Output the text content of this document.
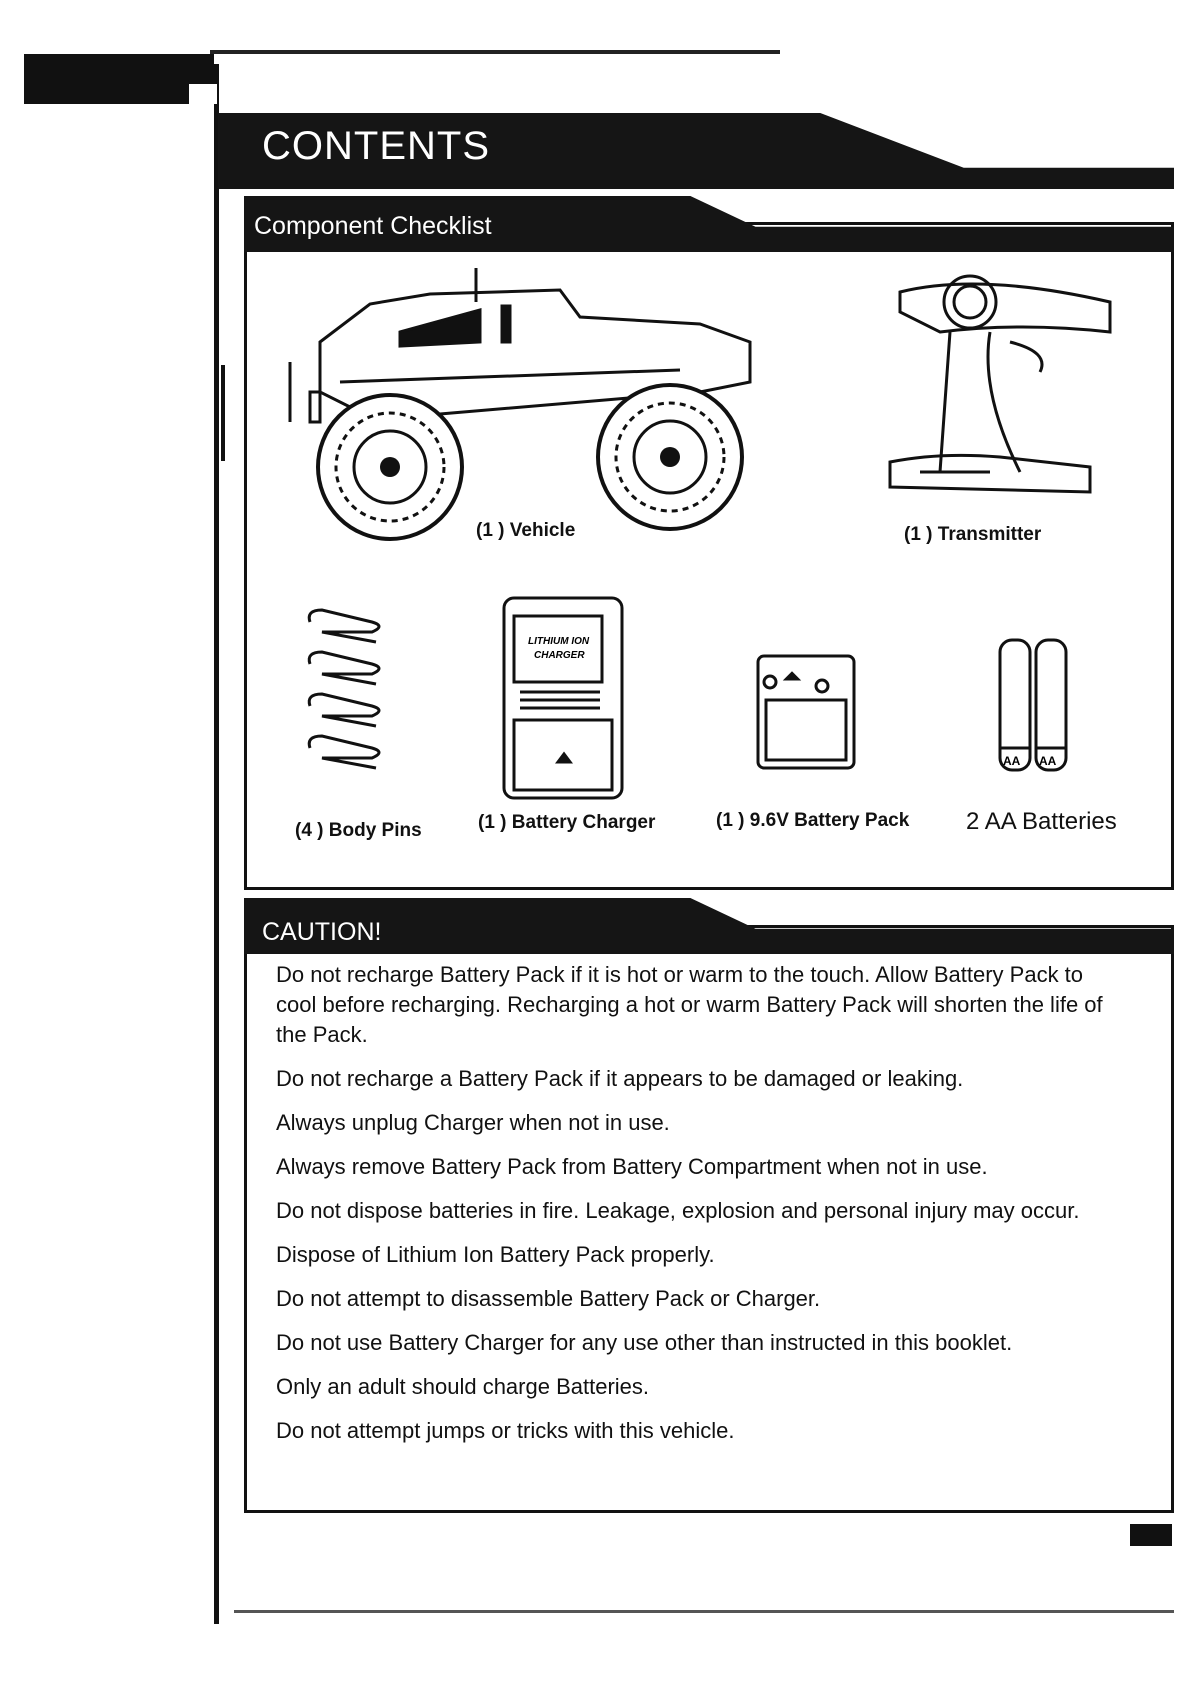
CONTENTS
Component Checklist
(1 ) Vehicle	(1 ) Transmitter
(4 ) Body Pins
LITHIUM ION
CHARGER
(1 ) Battery Charger	(1 ) 9.6V Battery Pack
AA AA
2 AA Batteries
CAUTION!
Do not recharge Battery Pack if it is hot or warm to the touch. Allow Battery Pack to cool before recharging. Recharging a hot or warm Battery Pack will shorten the life of the Pack.
Do not recharge a Battery Pack if it appears to be damaged or leaking.
Always unplug Charger when not in use.
Always remove Battery Pack from Battery Compartment when not in use.
Do not dispose batteries in fire. Leakage, explosion and personal injury may occur.
Dispose of Lithium Ion Battery Pack properly.
Do not attempt to disassemble Battery Pack or Charger.
Do not use Battery Charger for any use other than instructed in this booklet.
Only an adult should charge Batteries.
Do not attempt jumps or tricks with this vehicle.
